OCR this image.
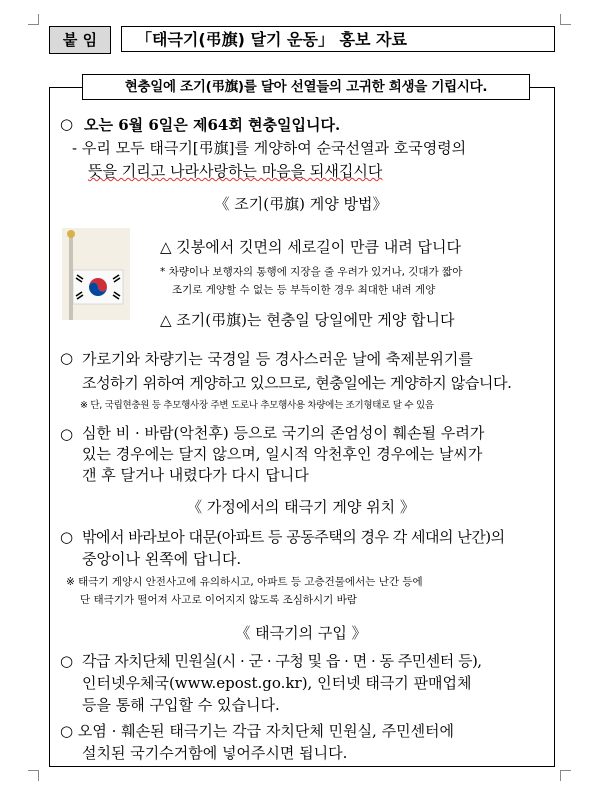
붙 임	「태극기(弔旗) 달기 운동」 홍보 자료
현충일에 조기(弔旗)를 달아 선열들의 고귀한 희생을 기립시다.
○ 오는 6월 6일은 제64회 현충일입니다.
- 우리 모두 태극기[弔旗]를 게양하여 순국선열과 호국영령의
뜻을 기리고 나라사랑하는 마음을 되새깁시다
《 조기(弔旗) 게양 방법》
△ 깃봉에서 깃면의 세로길이 만큼 내려 답니다
* 차량이나 보행자의 통행에 지장을 줄 우려가 있거나, 깃대가 짧아
조기로 게양할 수 없는 등 부득이한 경우 최대한 내려 게양
△ 조기(弔旗)는 현충일 당일에만 게양 합니다
○ 가로기와 차량기는 국경일 등 경사스러운 날에 축제분위기를
조성하기 위하여 게양하고 있으므로, 현충일에는 게양하지 않습니다.
※ 단, 국립현충원 등 추모행사장 주변 도로나 추모행사용 차량에는 조기형태로 달 수 있음
○ 심한 비 · 바람(악천후) 등으로 국기의 존엄성이 훼손될 우려가
있는 경우에는 달지 않으며, 일시적 악천후인 경우에는 날씨가
갠 후 달거나 내렸다가 다시 답니다
《 가정에서의 태극기 게양 위치 》
○ 밖에서 바라보아 대문(아파트 등 공동주택의 경우 각 세대의 난간)의
중앙이나 왼쪽에 답니다.
※ 태극기 게양시 안전사고에 유의하시고, 아파트 등 고층건물에서는 난간 등에
단 태극기가 떨어져 사고로 이어지지 않도록 조심하시기 바람
《 태극기의 구입 》
○ 각급 자치단체 민원실(시 · 군 · 구청 및 읍 · 면 · 동 주민센터 등),
인터넷우체국(www.epost.go.kr), 인터넷 태극기 판매업체
등을 통해 구입할 수 있습니다.
○ 오염 · 훼손된 태극기는 각급 자치단체 민원실, 주민센터에
설치된 국기수거함에 넣어주시면 됩니다.
